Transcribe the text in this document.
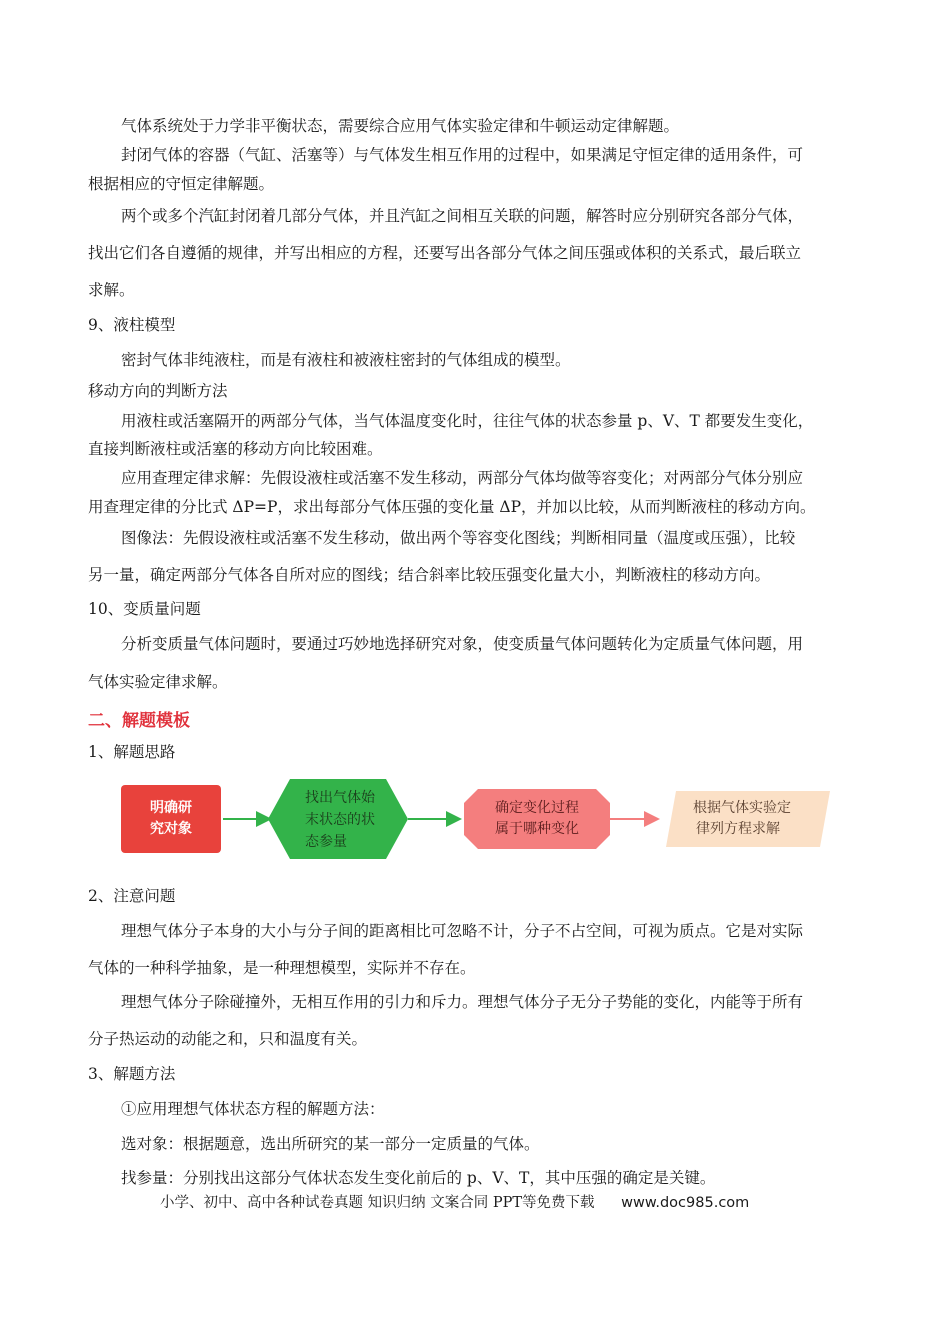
气体系统处于力学非平衡状态，需要综合应用气体实验定律和牛顿运动定律解题。
封闭气体的容器（气缸、活塞等）与气体发生相互作用的过程中，如果满足守恒定律的适用条件，可
根据相应的守恒定律解题。
两个或多个汽缸封闭着几部分气体，并且汽缸之间相互关联的问题，解答时应分别研究各部分气体，
找出它们各自遵循的规律，并写出相应的方程，还要写出各部分气体之间压强或体积的关系式，最后联立
求解。
9、液柱模型
密封气体非纯液柱，而是有液柱和被液柱密封的气体组成的模型。
移动方向的判断方法
用液柱或活塞隔开的两部分气体，当气体温度变化时，往往气体的状态参量 p、V、T 都要发生变化，
直接判断液柱或活塞的移动方向比较困难。
应用查理定律求解：先假设液柱或活塞不发生移动，两部分气体均做等容变化；对两部分气体分别应
用查理定律的分比式 ΔP=P，求出每部分气体压强的变化量 ΔP，并加以比较，从而判断液柱的移动方向。
图像法：先假设液柱或活塞不发生移动，做出两个等容变化图线；判断相同量（温度或压强），比较
另一量，确定两部分气体各自所对应的图线；结合斜率比较压强变化量大小，判断液柱的移动方向。
10、变质量问题
分析变质量气体问题时，要通过巧妙地选择研究对象，使变质量气体问题转化为定质量气体问题，用
气体实验定律求解。
二、解题模板
1、解题思路
明确研
究对象
找出气体始
末状态的状
态参量
确定变化过程
属于哪种变化
根据气体实验定
律列方程求解
2、注意问题
理想气体分子本身的大小与分子间的距离相比可忽略不计，分子不占空间，可视为质点。它是对实际
气体的一种科学抽象，是一种理想模型，实际并不存在。
理想气体分子除碰撞外，无相互作用的引力和斥力。理想气体分子无分子势能的变化，内能等于所有
分子热运动的动能之和，只和温度有关。
3、解题方法
①应用理想气体状态方程的解题方法：
选对象：根据题意，选出所研究的某一部分一定质量的气体。
找参量：分别找出这部分气体状态发生变化前后的 p、V、T，其中压强的确定是关键。
小学、初中、高中各种试卷真题 知识归纳 文案合同 PPT等免费下载 www.doc985.com
